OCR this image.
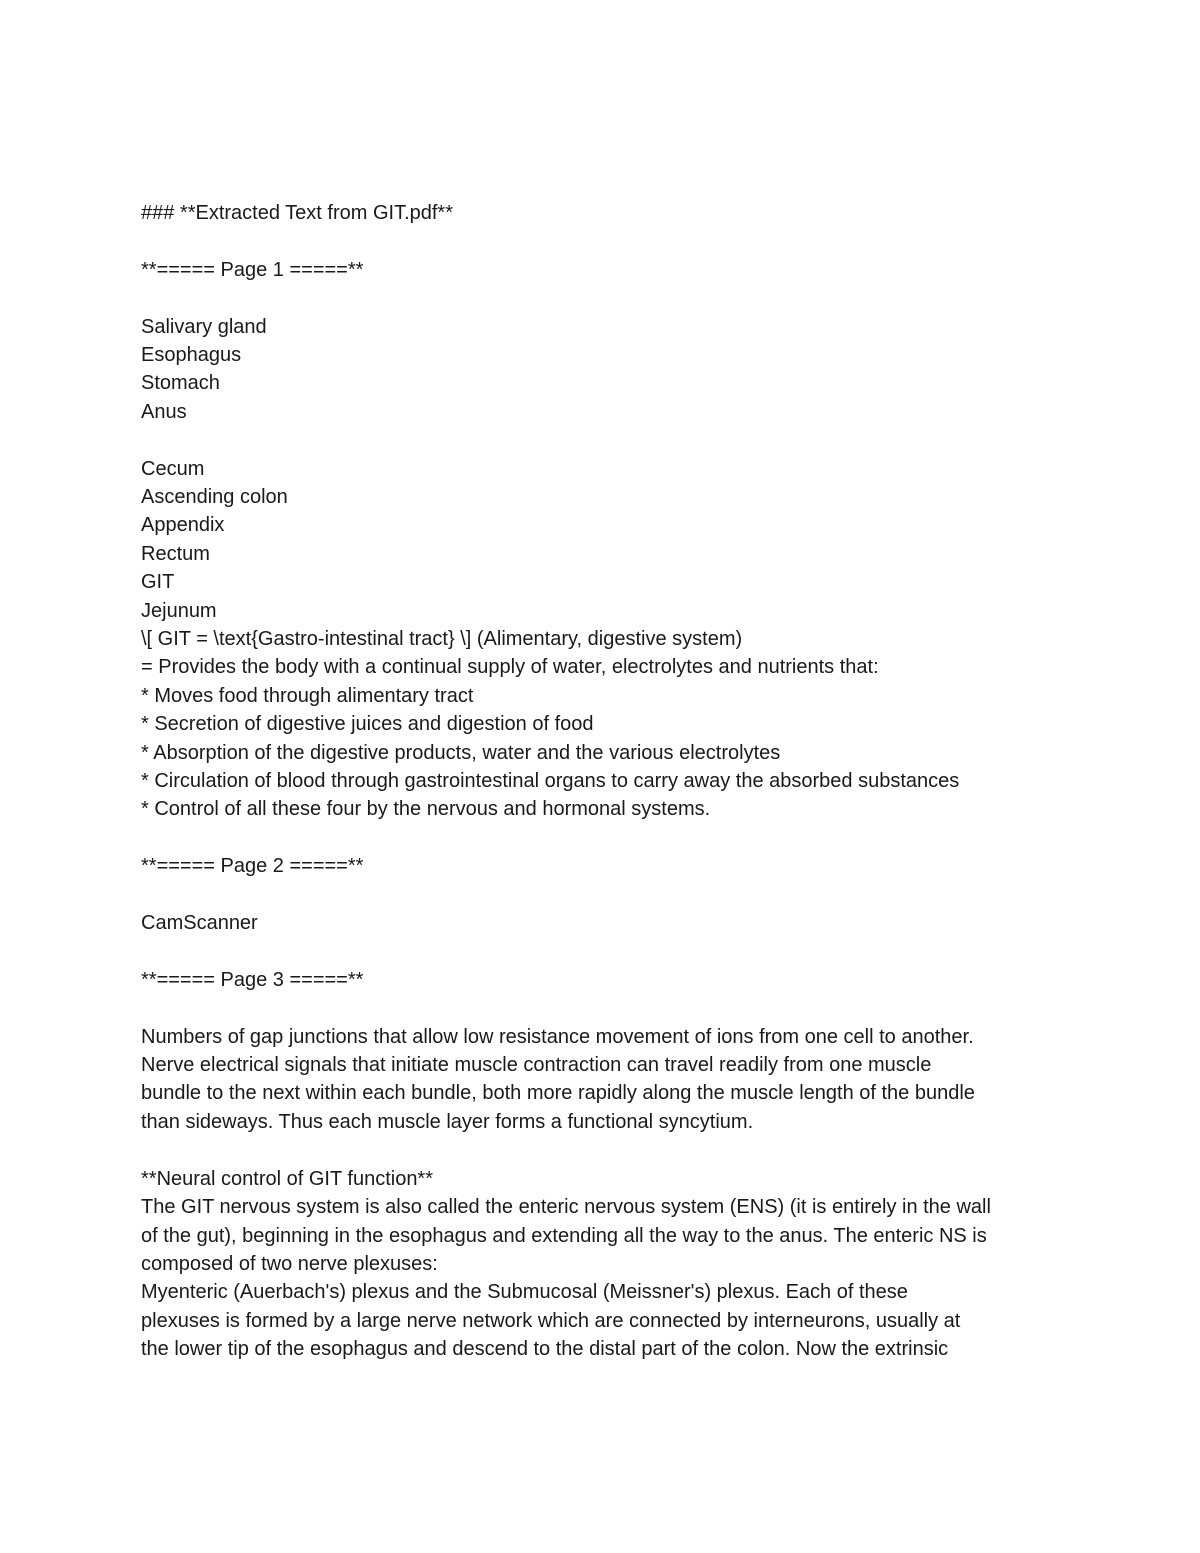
### **Extracted Text from GIT.pdf**
**===== Page 1 =====**
Salivary gland
Esophagus
Stomach
Anus
Cecum
Ascending colon
Appendix
Rectum
GIT
Jejunum
\[ GIT = \text{Gastro-intestinal tract} \] (Alimentary, digestive system)
= Provides the body with a continual supply of water, electrolytes and nutrients that:
* Moves food through alimentary tract
* Secretion of digestive juices and digestion of food
* Absorption of the digestive products, water and the various electrolytes
* Circulation of blood through gastrointestinal organs to carry away the absorbed substances
* Control of all these four by the nervous and hormonal systems.
**===== Page 2 =====**
CamScanner
**===== Page 3 =====**
Numbers of gap junctions that allow low resistance movement of ions from one cell to another.
Nerve electrical signals that initiate muscle contraction can travel readily from one muscle
bundle to the next within each bundle, both more rapidly along the muscle length of the bundle
than sideways. Thus each muscle layer forms a functional syncytium.
**Neural control of GIT function**
The GIT nervous system is also called the enteric nervous system (ENS) (it is entirely in the wall
of the gut), beginning in the esophagus and extending all the way to the anus. The enteric NS is
composed of two nerve plexuses:
Myenteric (Auerbach's) plexus and the Submucosal (Meissner's) plexus. Each of these
plexuses is formed by a large nerve network which are connected by interneurons, usually at
the lower tip of the esophagus and descend to the distal part of the colon. Now the extrinsic
